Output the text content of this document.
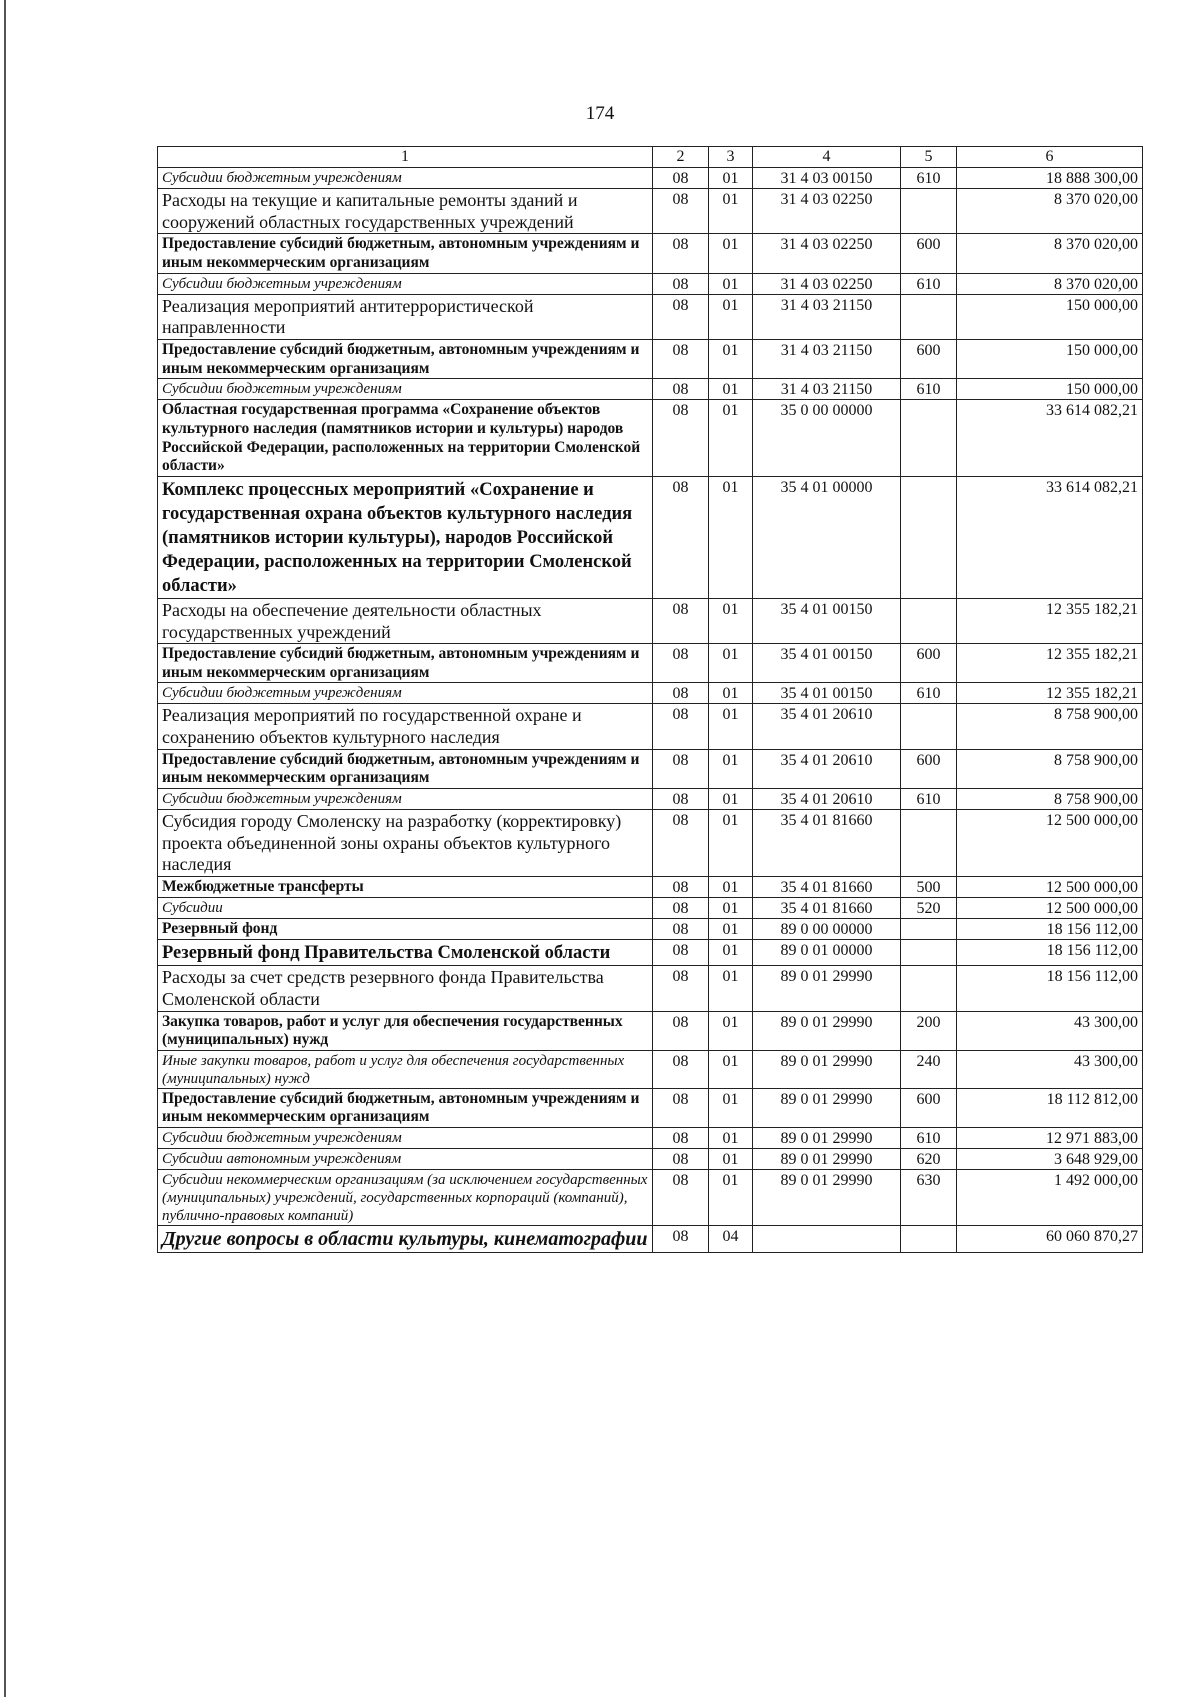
174
1	2	3	4	5	6
Субсидии бюджетным учреждениям	08	01	31 4 03 00150	610	18 888 300,00
Расходы на текущие и капитальные ремонты зданий и сооружений областных государственных учреждений	08	01	31 4 03 02250		8 370 020,00
Предоставление субсидий бюджетным, автономным учреждениям и иным некоммерческим организациям	08	01	31 4 03 02250	600	8 370 020,00
Субсидии бюджетным учреждениям	08	01	31 4 03 02250	610	8 370 020,00
Реализация мероприятий антитеррористической направленности	08	01	31 4 03 21150		150 000,00
Предоставление субсидий бюджетным, автономным учреждениям и иным некоммерческим организациям	08	01	31 4 03 21150	600	150 000,00
Субсидии бюджетным учреждениям	08	01	31 4 03 21150	610	150 000,00
Областная государственная программа «Сохранение объектов культурного наследия (памятников истории и культуры) народов Российской Федерации, расположенных на территории Смоленской области»	08	01	35 0 00 00000		33 614 082,21
Комплекс процессных мероприятий «Сохранение и государственная охрана объектов культурного наследия (памятников истории культуры), народов Российской Федерации, расположенных на территории Смоленской области»	08	01	35 4 01 00000		33 614 082,21
Расходы на обеспечение деятельности областных государственных учреждений	08	01	35 4 01 00150		12 355 182,21
Предоставление субсидий бюджетным, автономным учреждениям и иным некоммерческим организациям	08	01	35 4 01 00150	600	12 355 182,21
Субсидии бюджетным учреждениям	08	01	35 4 01 00150	610	12 355 182,21
Реализация мероприятий по государственной охране и сохранению объектов культурного наследия	08	01	35 4 01 20610		8 758 900,00
Предоставление субсидий бюджетным, автономным учреждениям и иным некоммерческим организациям	08	01	35 4 01 20610	600	8 758 900,00
Субсидии бюджетным учреждениям	08	01	35 4 01 20610	610	8 758 900,00
Субсидия городу Смоленску на разработку (корректировку) проекта объединенной зоны охраны объектов культурного наследия	08	01	35 4 01 81660		12 500 000,00
Межбюджетные трансферты	08	01	35 4 01 81660	500	12 500 000,00
Субсидии	08	01	35 4 01 81660	520	12 500 000,00
Резервный фонд	08	01	89 0 00 00000		18 156 112,00
Резервный фонд Правительства Смоленской области	08	01	89 0 01 00000		18 156 112,00
Расходы за счет средств резервного фонда Правительства Смоленской области	08	01	89 0 01 29990		18 156 112,00
Закупка товаров, работ и услуг для обеспечения государственных (муниципальных) нужд	08	01	89 0 01 29990	200	43 300,00
Иные закупки товаров, работ и услуг для обеспечения государственных (муниципальных) нужд	08	01	89 0 01 29990	240	43 300,00
Предоставление субсидий бюджетным, автономным учреждениям и иным некоммерческим организациям	08	01	89 0 01 29990	600	18 112 812,00
Субсидии бюджетным учреждениям	08	01	89 0 01 29990	610	12 971 883,00
Субсидии автономным учреждениям	08	01	89 0 01 29990	620	3 648 929,00
Субсидии некоммерческим организациям (за исключением государственных (муниципальных) учреждений, государственных корпораций (компаний), публично-правовых компаний)	08	01	89 0 01 29990	630	1 492 000,00
Другие вопросы в области культуры, кинематографии	08	04			60 060 870,27
